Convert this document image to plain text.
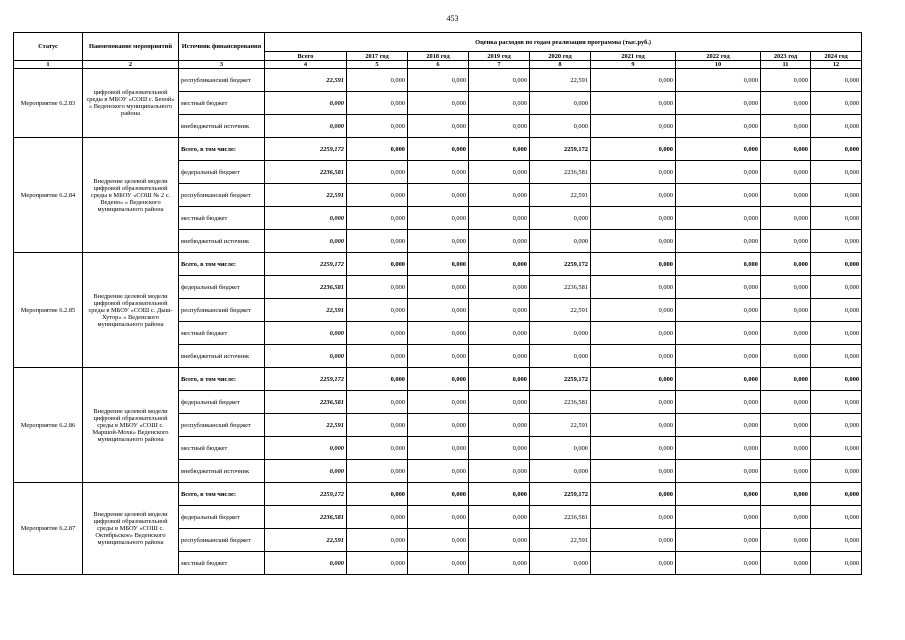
453
Статус	Наименование мероприятий	Источник финансирования	Оценка расходов по годам реализации программы (тыс.руб.)								
			Всего	2017 год	2018 год	2019 год	2020 год	2021 год	2022 год	2023 год	2024 год
1	2	3	4	5	6	7	8	9	10	11	12
Мероприятие 6.2.83	цифровой образовательной среды в МБОУ «СОШ с. Беной» » Веденского муниципального района	республиканский бюджет	22,591	0,000	0,000	0,000	22,591	0,000	0,000	0,000	0,000
		местный бюджет	0,000	0,000	0,000	0,000	0,000	0,000	0,000	0,000	0,000
		внебюджетный источник	0,000	0,000	0,000	0,000	0,000	0,000	0,000	0,000	0,000
Мероприятие 6.2.84	Внедрение целевой модели цифровой образовательной среды в МБОУ «СОШ № 2 с. Ведено» » Веденского муниципального района	Всего, в том числе:	2259,172	0,000	0,000	0,000	2259,172	0,000	0,000	0,000	0,000
		федеральный бюджет	2236,581	0,000	0,000	0,000	2236,581	0,000	0,000	0,000	0,000
		республиканский бюджет	22,591	0,000	0,000	0,000	22,591	0,000	0,000	0,000	0,000
		местный бюджет	0,000	0,000	0,000	0,000	0,000	0,000	0,000	0,000	0,000
		внебюджетный источник	0,000	0,000	0,000	0,000	0,000	0,000	0,000	0,000	0,000
Мероприятие 6.2.85	Внедрение целевой модели цифровой образовательной среды в МБОУ «СОШ с. Дыш-Хутор» » Веденского муниципального района	Всего, в том числе:	2259,172	0,000	0,000	0,000	2259,172	0,000	0,000	0,000	0,000
		федеральный бюджет	2236,581	0,000	0,000	0,000	2236,581	0,000	0,000	0,000	0,000
		республиканский бюджет	22,591	0,000	0,000	0,000	22,591	0,000	0,000	0,000	0,000
		местный бюджет	0,000	0,000	0,000	0,000	0,000	0,000	0,000	0,000	0,000
		внебюджетный источник	0,000	0,000	0,000	0,000	0,000	0,000	0,000	0,000	0,000
Мероприятие 6.2.86	Внедрение целевой модели цифровой образовательной среды в МБОУ «СОШ с. Маршой-Мохк» Веденского муниципального района	Всего, в том числе:	2259,172	0,000	0,000	0,000	2259,172	0,000	0,000	0,000	0,000
		федеральный бюджет	2236,581	0,000	0,000	0,000	2236,581	0,000	0,000	0,000	0,000
		республиканский бюджет	22,591	0,000	0,000	0,000	22,591	0,000	0,000	0,000	0,000
		местный бюджет	0,000	0,000	0,000	0,000	0,000	0,000	0,000	0,000	0,000
		внебюджетный источник	0,000	0,000	0,000	0,000	0,000	0,000	0,000	0,000	0,000
Мероприятие 6.2.87	Внедрение целевой модели цифровой образовательной среды в МБОУ «СОШ с. Октябрьское» Веденского муниципального района	Всего, в том числе:	2259,172	0,000	0,000	0,000	2259,172	0,000	0,000	0,000	0,000
		федеральный бюджет	2236,581	0,000	0,000	0,000	2236,581	0,000	0,000	0,000	0,000
		республиканский бюджет	22,591	0,000	0,000	0,000	22,591	0,000	0,000	0,000	0,000
		местный бюджет	0,000	0,000	0,000	0,000	0,000	0,000	0,000	0,000	0,000
